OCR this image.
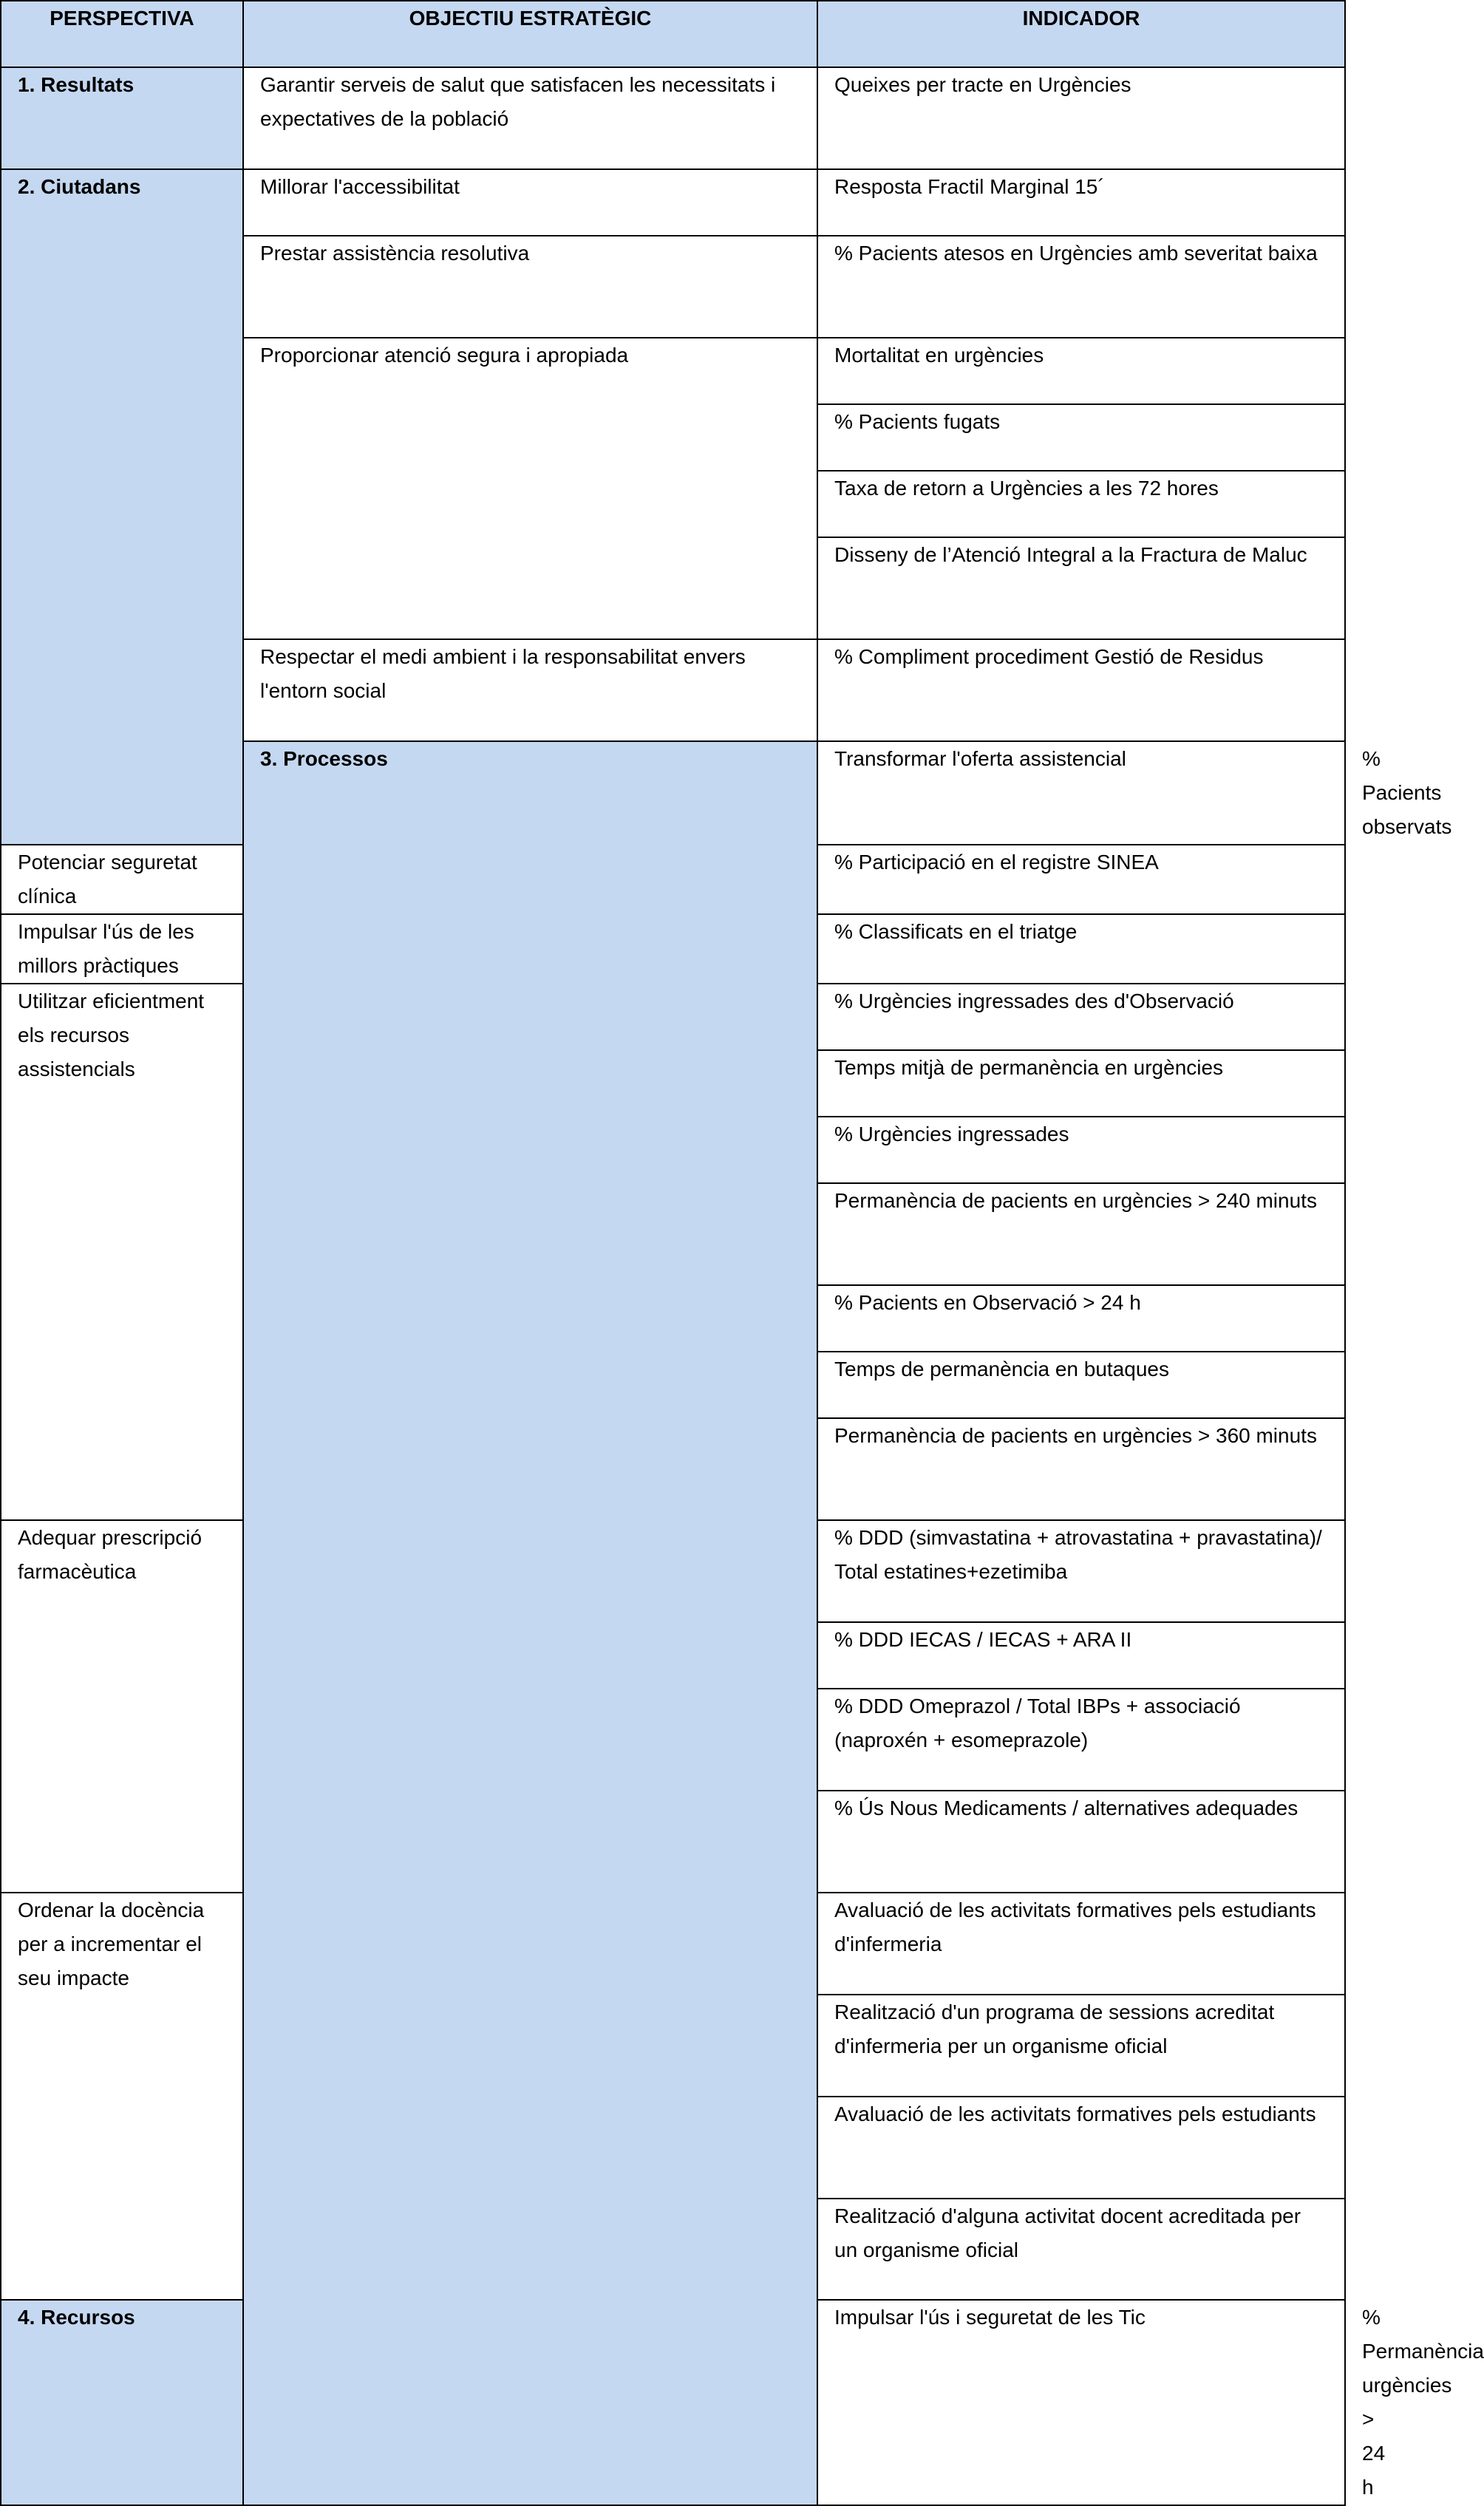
PERSPECTIVA	OBJECTIU ESTRATÈGIC	INDICADOR	
1. Resultats	Garantir serveis de salut que satisfacen les necessitats i expectatives de la població	Queixes per tracte en Urgències	
2. Ciutadans	Millorar l'accessibilitat	Resposta Fractil Marginal 15´	
	Prestar assistència resolutiva	% Pacients atesos en Urgències amb severitat baixa	
	Proporcionar atenció segura i apropiada	Mortalitat en urgències	
		% Pacients fugats	
		Taxa de retorn a Urgències a les 72 hores	
		Disseny de l’Atenció Integral a la Fractura de Maluc	
	Respectar el medi ambient i la responsabilitat envers l'entorn social	% Compliment procediment Gestió de Residus	
	3. Processos	Transformar l'oferta assistencial	% Pacients observats
Potenciar seguretat clínica		% Participació en el registre SINEA	
Impulsar l'ús de les millors pràctiques		% Classificats en el triatge	
Utilitzar eficientment els recursos assistencials		% Urgències ingressades des d'Observació	
		Temps mitjà de permanència en urgències	
		% Urgències ingressades	
		Permanència de pacients en urgències > 240 minuts	
		% Pacients en Observació > 24 h	
		Temps de permanència en butaques	
		Permanència de pacients en urgències > 360 minuts	
Adequar prescripció farmacèutica		% DDD (simvastatina + atrovastatina + pravastatina)/ Total estatines+ezetimiba	
		% DDD IECAS / IECAS + ARA II	
		% DDD Omeprazol / Total IBPs + associació (naproxén + esomeprazole)	
		% Ús Nous Medicaments / alternatives adequades	
Ordenar la docència per a incrementar el seu impacte		Avaluació de les activitats formatives pels estudiants d'infermeria	
		Realització d'un programa de sessions acreditat d'infermeria per un organisme oficial	
		Avaluació de les activitats formatives pels estudiants	
		Realització d'alguna activitat docent acreditada per un organisme oficial	
4. Recursos		Impulsar l'ús i seguretat de les Tic	% Permanència urgències > 24 h
